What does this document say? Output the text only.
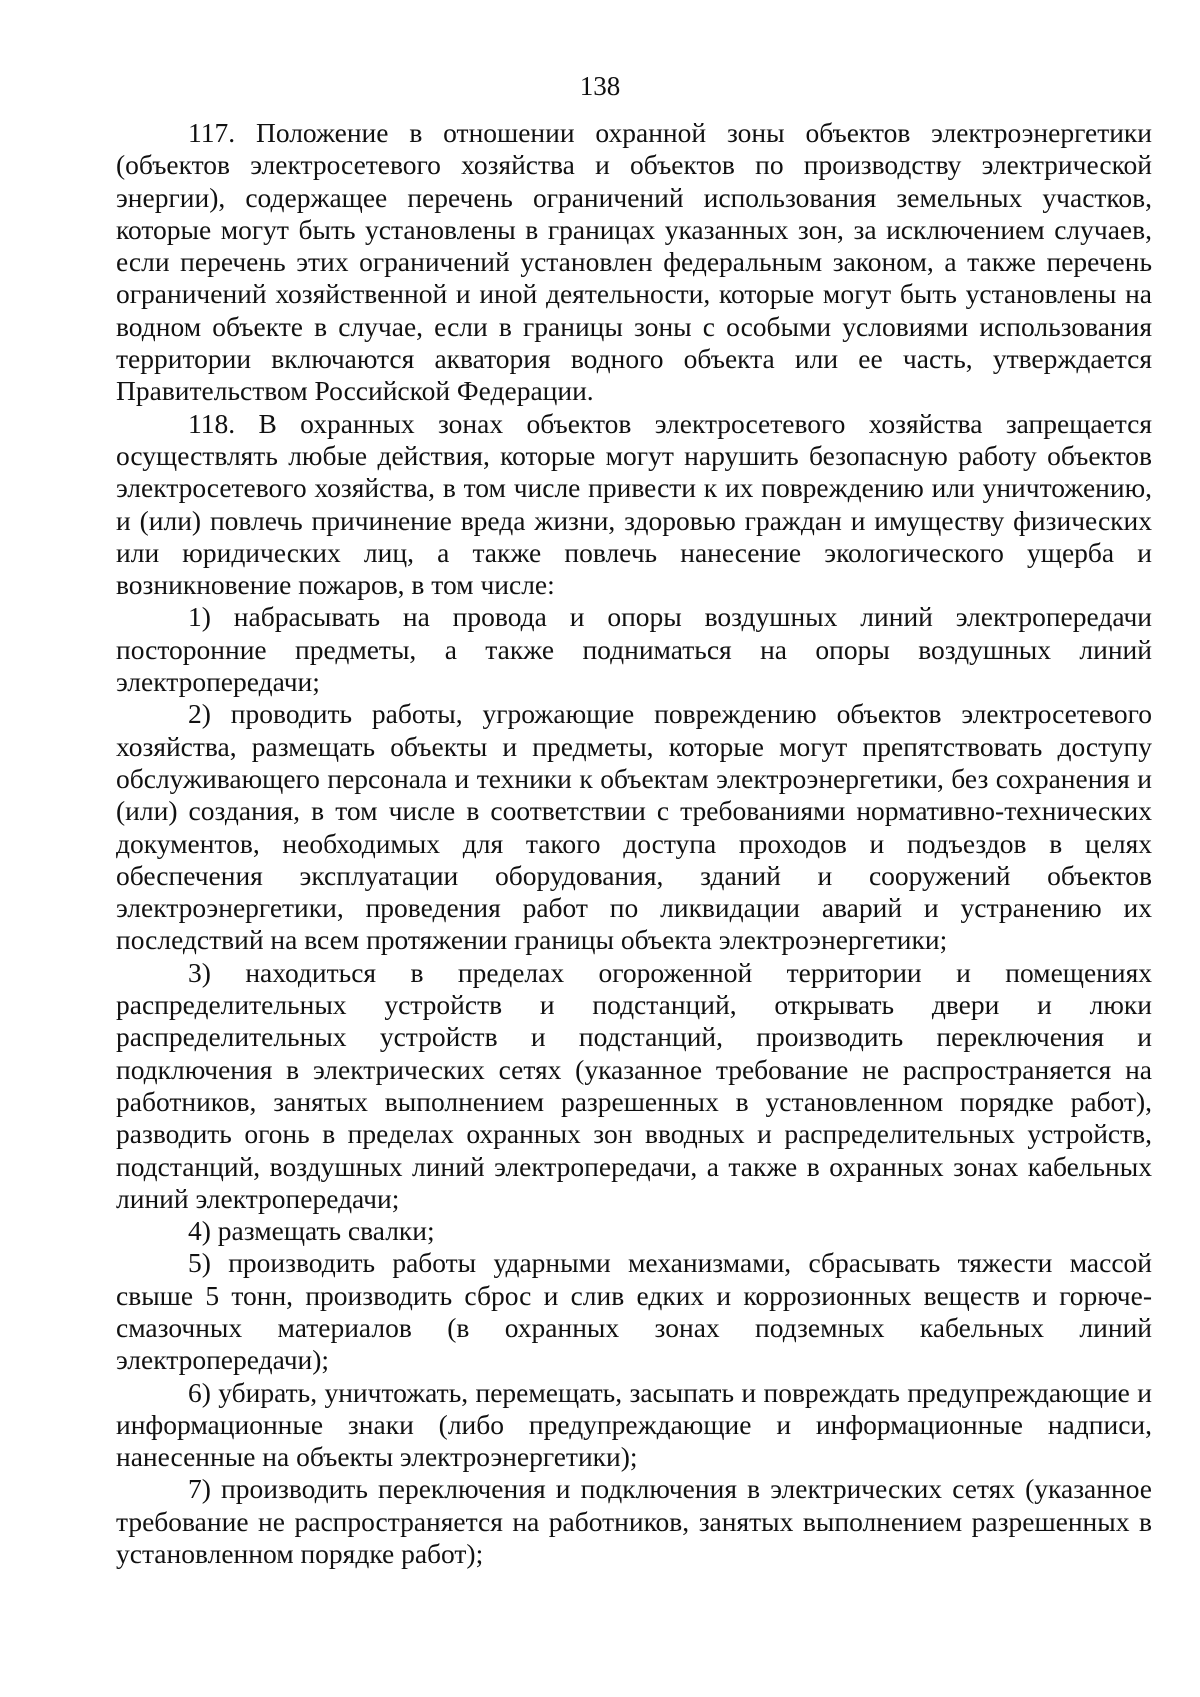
138

117. Положение в отношении охранной зоны объектов электроэнергетики (объектов электросетевого хозяйства и объектов по производству электрической энергии), содержащее перечень ограничений использования земельных участков, которые могут быть установлены в границах указанных зон, за исключением случаев, если перечень этих ограничений установлен федеральным законом, а также перечень ограничений хозяйственной и иной деятельности, которые могут быть установлены на водном объекте в случае, если в границы зоны с особыми условиями использования территории включаются акватория водного объекта или ее часть, утверждается Правительством Российской Федерации.

118. В охранных зонах объектов электросетевого хозяйства запрещается осуществлять любые действия, которые могут нарушить безопасную работу объектов электросетевого хозяйства, в том числе привести к их повреждению или уничтожению, и (или) повлечь причинение вреда жизни, здоровью граждан и имуществу физических или юридических лиц, а также повлечь нанесение экологического ущерба и возникновение пожаров, в том числе:

1) набрасывать на провода и опоры воздушных линий электропередачи посторонние предметы, а также подниматься на опоры воздушных линий электропередачи;

2) проводить работы, угрожающие повреждению объектов электросетевого хозяйства, размещать объекты и предметы, которые могут препятствовать доступу обслуживающего персонала и техники к объектам электроэнергетики, без сохранения и (или) создания, в том числе в соответствии с требованиями нормативно-технических документов, необходимых для такого доступа проходов и подъездов в целях обеспечения эксплуатации оборудования, зданий и сооружений объектов электроэнергетики, проведения работ по ликвидации аварий и устранению их последствий на всем протяжении границы объекта электроэнергетики;

3) находиться в пределах огороженной территории и помещениях распределительных устройств и подстанций, открывать двери и люки распределительных устройств и подстанций, производить переключения и подключения в электрических сетях (указанное требование не распространяется на работников, занятых выполнением разрешенных в установленном порядке работ), разводить огонь в пределах охранных зон вводных и распределительных устройств, подстанций, воздушных линий электропередачи, а также в охранных зонах кабельных линий электропередачи;

4) размещать свалки;

5) производить работы ударными механизмами, сбрасывать тяжести массой свыше 5 тонн, производить сброс и слив едких и коррозионных веществ и горюче-смазочных материалов (в охранных зонах подземных кабельных линий электропередачи);

6) убирать, уничтожать, перемещать, засыпать и повреждать предупреждающие и информационные знаки (либо предупреждающие и информационные надписи, нанесенные на объекты электроэнергетики);

7) производить переключения и подключения в электрических сетях (указанное требование не распространяется на работников, занятых выполнением разрешенных в установленном порядке работ);
